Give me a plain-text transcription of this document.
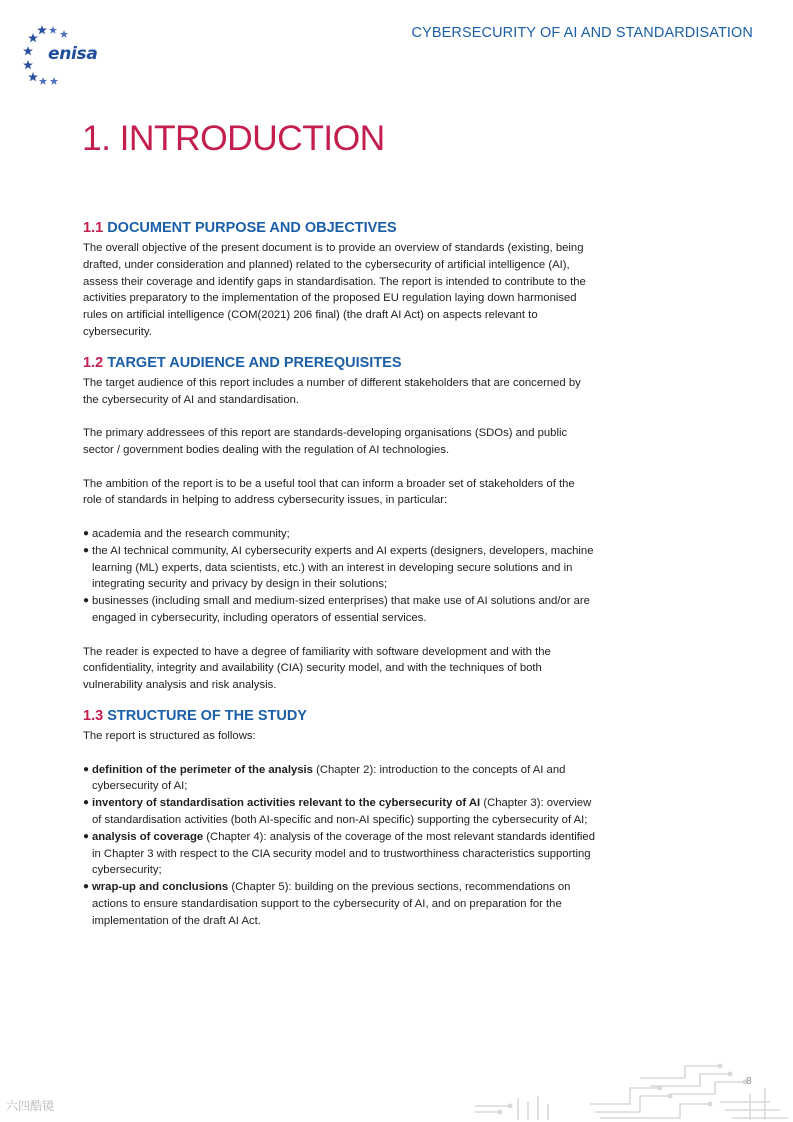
enisa
CYBERSECURITY OF AI AND STANDARDISATION
1. INTRODUCTION
1.1 DOCUMENT PURPOSE AND OBJECTIVES

The overall objective of the present document is to provide an overview of standards (existing, being drafted, under consideration and planned) related to the cybersecurity of artificial intelligence (AI), assess their coverage and identify gaps in standardisation. The report is intended to contribute to the activities preparatory to the implementation of the proposed EU regulation laying down harmonised rules on artificial intelligence (COM(2021) 206 final) (the draft AI Act) on aspects relevant to cybersecurity.

1.2 TARGET AUDIENCE AND PREREQUISITES

The target audience of this report includes a number of different stakeholders that are concerned by the cybersecurity of AI and standardisation.

The primary addressees of this report are standards-developing organisations (SDOs) and public sector / government bodies dealing with the regulation of AI technologies.

The ambition of the report is to be a useful tool that can inform a broader set of stakeholders of the role of standards in helping to address cybersecurity issues, in particular:

● academia and the research community;
● the AI technical community, AI cybersecurity experts and AI experts (designers, developers, machine learning (ML) experts, data scientists, etc.) with an interest in developing secure solutions and in integrating security and privacy by design in their solutions;
● businesses (including small and medium-sized enterprises) that make use of AI solutions and/or are engaged in cybersecurity, including operators of essential services.

The reader is expected to have a degree of familiarity with software development and with the confidentiality, integrity and availability (CIA) security model, and with the techniques of both vulnerability analysis and risk analysis.

1.3 STRUCTURE OF THE STUDY

The report is structured as follows:

● definition of the perimeter of the analysis (Chapter 2): introduction to the concepts of AI and cybersecurity of AI;
● inventory of standardisation activities relevant to the cybersecurity of AI (Chapter 3): overview of standardisation activities (both AI-specific and non-AI specific) supporting the cybersecurity of AI;
● analysis of coverage (Chapter 4): analysis of the coverage of the most relevant standards identified in Chapter 3 with respect to the CIA security model and to trustworthiness characteristics supporting cybersecurity;
● wrap-up and conclusions (Chapter 5): building on the previous sections, recommendations on actions to ensure standardisation support to the cybersecurity of AI, and on preparation for the implementation of the draft AI Act.
8
六四酷镜
